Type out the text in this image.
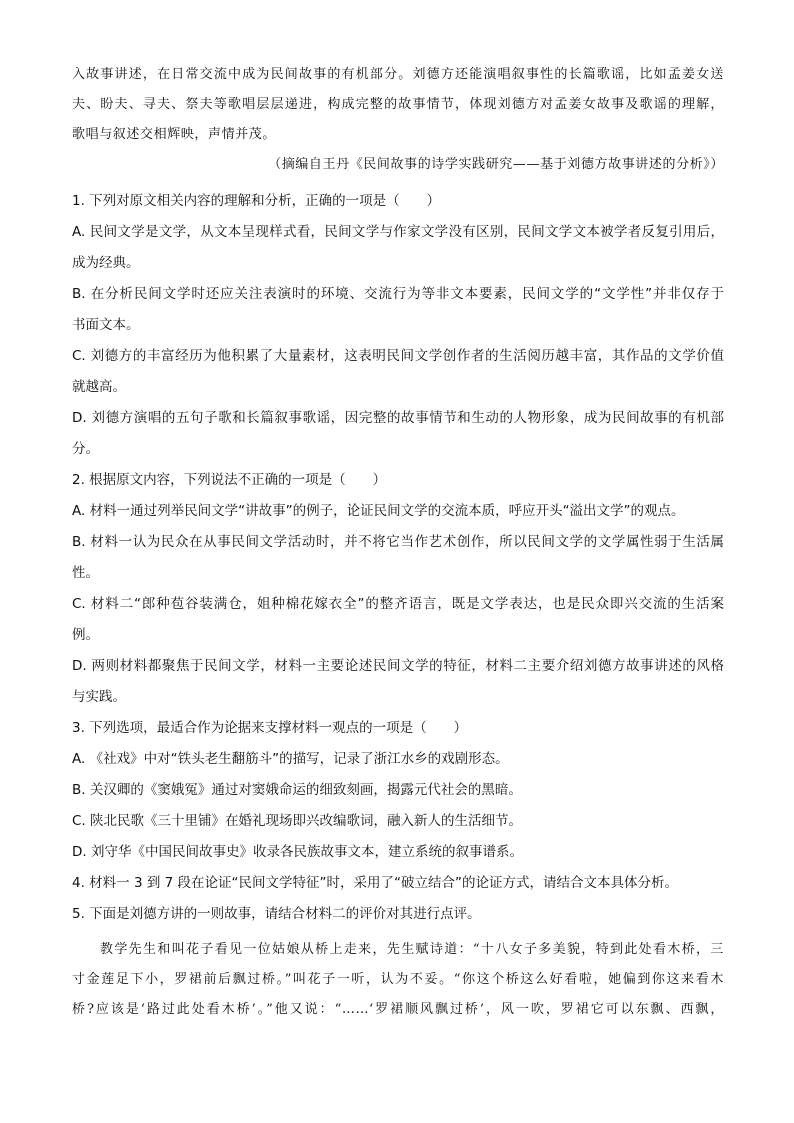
入故事讲述，在日常交流中成为民间故事的有机部分。刘德方还能演唱叙事性的长篇歌谣，比如孟姜女送
夫、盼夫、寻夫、祭夫等歌唱层层递进，构成完整的故事情节，体现刘德方对孟姜女故事及歌谣的理解，
歌唱与叙述交相辉映，声情并茂。
（摘编自王丹《民间故事的诗学实践研究——基于刘德方故事讲述的分析》）
1. 下列对原文相关内容的理解和分析，正确的一项是（　　）
A. 民间文学是文学，从文本呈现样式看，民间文学与作家文学没有区别，民间文学文本被学者反复引用后，
成为经典。
B. 在分析民间文学时还应关注表演时的环境、交流行为等非文本要素，民间文学的“文学性”并非仅存于
书面文本。
C. 刘德方的丰富经历为他积累了大量素材，这表明民间文学创作者的生活阅历越丰富，其作品的文学价值
就越高。
D. 刘德方演唱的五句子歌和长篇叙事歌谣，因完整的故事情节和生动的人物形象，成为民间故事的有机部
分。
2. 根据原文内容，下列说法不正确的一项是（　　）
A. 材料一通过列举民间文学“讲故事”的例子，论证民间文学的交流本质，呼应开头“溢出文学”的观点。
B. 材料一认为民众在从事民间文学活动时，并不将它当作艺术创作，所以民间文学的文学属性弱于生活属
性。
C. 材料二“郎种苞谷装满仓，姐种棉花嫁衣全”的整齐语言，既是文学表达，也是民众即兴交流的生活案
例。
D. 两则材料都聚焦于民间文学，材料一主要论述民间文学的特征，材料二主要介绍刘德方故事讲述的风格
与实践。
3. 下列选项，最适合作为论据来支撑材料一观点的一项是（　　）
A. 《社戏》中对“铁头老生翻筋斗”的描写，记录了浙江水乡的戏剧形态。
B. 关汉卿的《窦娥冤》通过对窦娥命运的细致刻画，揭露元代社会的黑暗。
C. 陕北民歌《三十里铺》在婚礼现场即兴改编歌词，融入新人的生活细节。
D. 刘守华《中国民间故事史》收录各民族故事文本，建立系统的叙事谱系。
4. 材料一 3 到 7 段在论证“民间文学特征”时，采用了“破立结合”的论证方式，请结合文本具体分析。
5. 下面是刘德方讲的一则故事，请结合材料二的评价对其进行点评。
教学先生和叫花子看见一位姑娘从桥上走来，先生赋诗道：“十八女子多美貌，特到此处看木桥，三
寸金莲足下小，罗裙前后飘过桥。”叫花子一听，认为不妥。“你这个桥这么好看啦，她偏到你这来看木
桥?应该是‘路过此处看木桥’。”他又说：“……‘罗裙顺风飘过桥’，风一吹，罗裙它可以东飘、西飘，
